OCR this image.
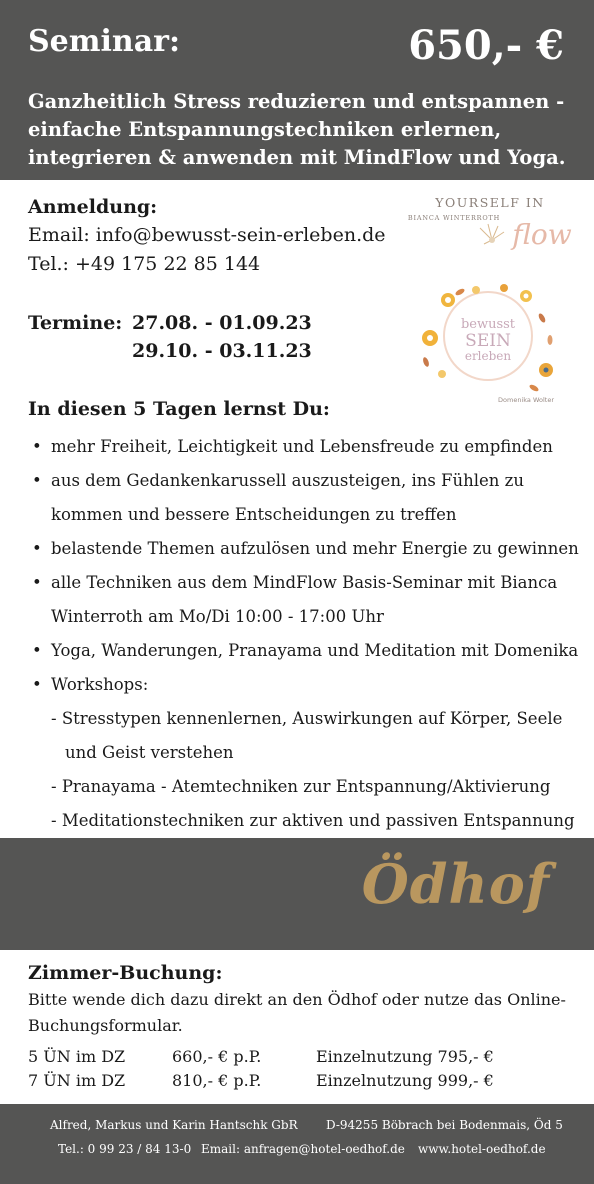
Seminar:	650,- €
Ganzheitlich Stress reduzieren und entspannen - einfache Entspannungstechniken erlernen, integrieren & anwenden mit MindFlow und Yoga.
Anmeldung:
Email: info@bewusst-sein-erleben.de
Tel.: +49 175 22 85 144
Termine: 27.08. - 01.09.23
29.10. - 03.11.23
YOURSELF IN
BIANCA WINTERROTH flow
bewusst
SEIN
erleben
Domenika Wolter
In diesen 5 Tagen lernst Du:
• mehr Freiheit, Leichtigkeit und Lebensfreude zu empfinden
• aus dem Gedankenkarussell auszusteigen, ins Fühlen zu
kommen und bessere Entscheidungen zu treffen
• belastende Themen aufzulösen und mehr Energie zu gewinnen
• alle Techniken aus dem MindFlow Basis-Seminar mit Bianca
Winterroth am Mo/Di 10:00 - 17:00 Uhr
• Yoga, Wanderungen, Pranayama und Meditation mit Domenika
• Workshops:
- Stresstypen kennenlernen, Auswirkungen auf Körper, Seele
und Geist verstehen
- Pranayama - Atemtechniken zur Entspannung/Aktivierung
- Meditationstechniken zur aktiven und passiven Entspannung
Ödhof
Zimmer-Buchung:
Bitte wende dich dazu direkt an den Ödhof oder nutze das Online-Buchungsformular.
5 ÜN im DZ	660,- € p.P.	Einzelnutzung 795,- €
7 ÜN im DZ	810,- € p.P.	Einzelnutzung 999,- €
Alfred, Markus und Karin Hantschk GbR D-94255 Böbrach bei Bodenmais, Öd 5
Tel.: 0 99 23 / 84 13-0 Email: anfragen@hotel-oedhof.de www.hotel-oedhof.de
